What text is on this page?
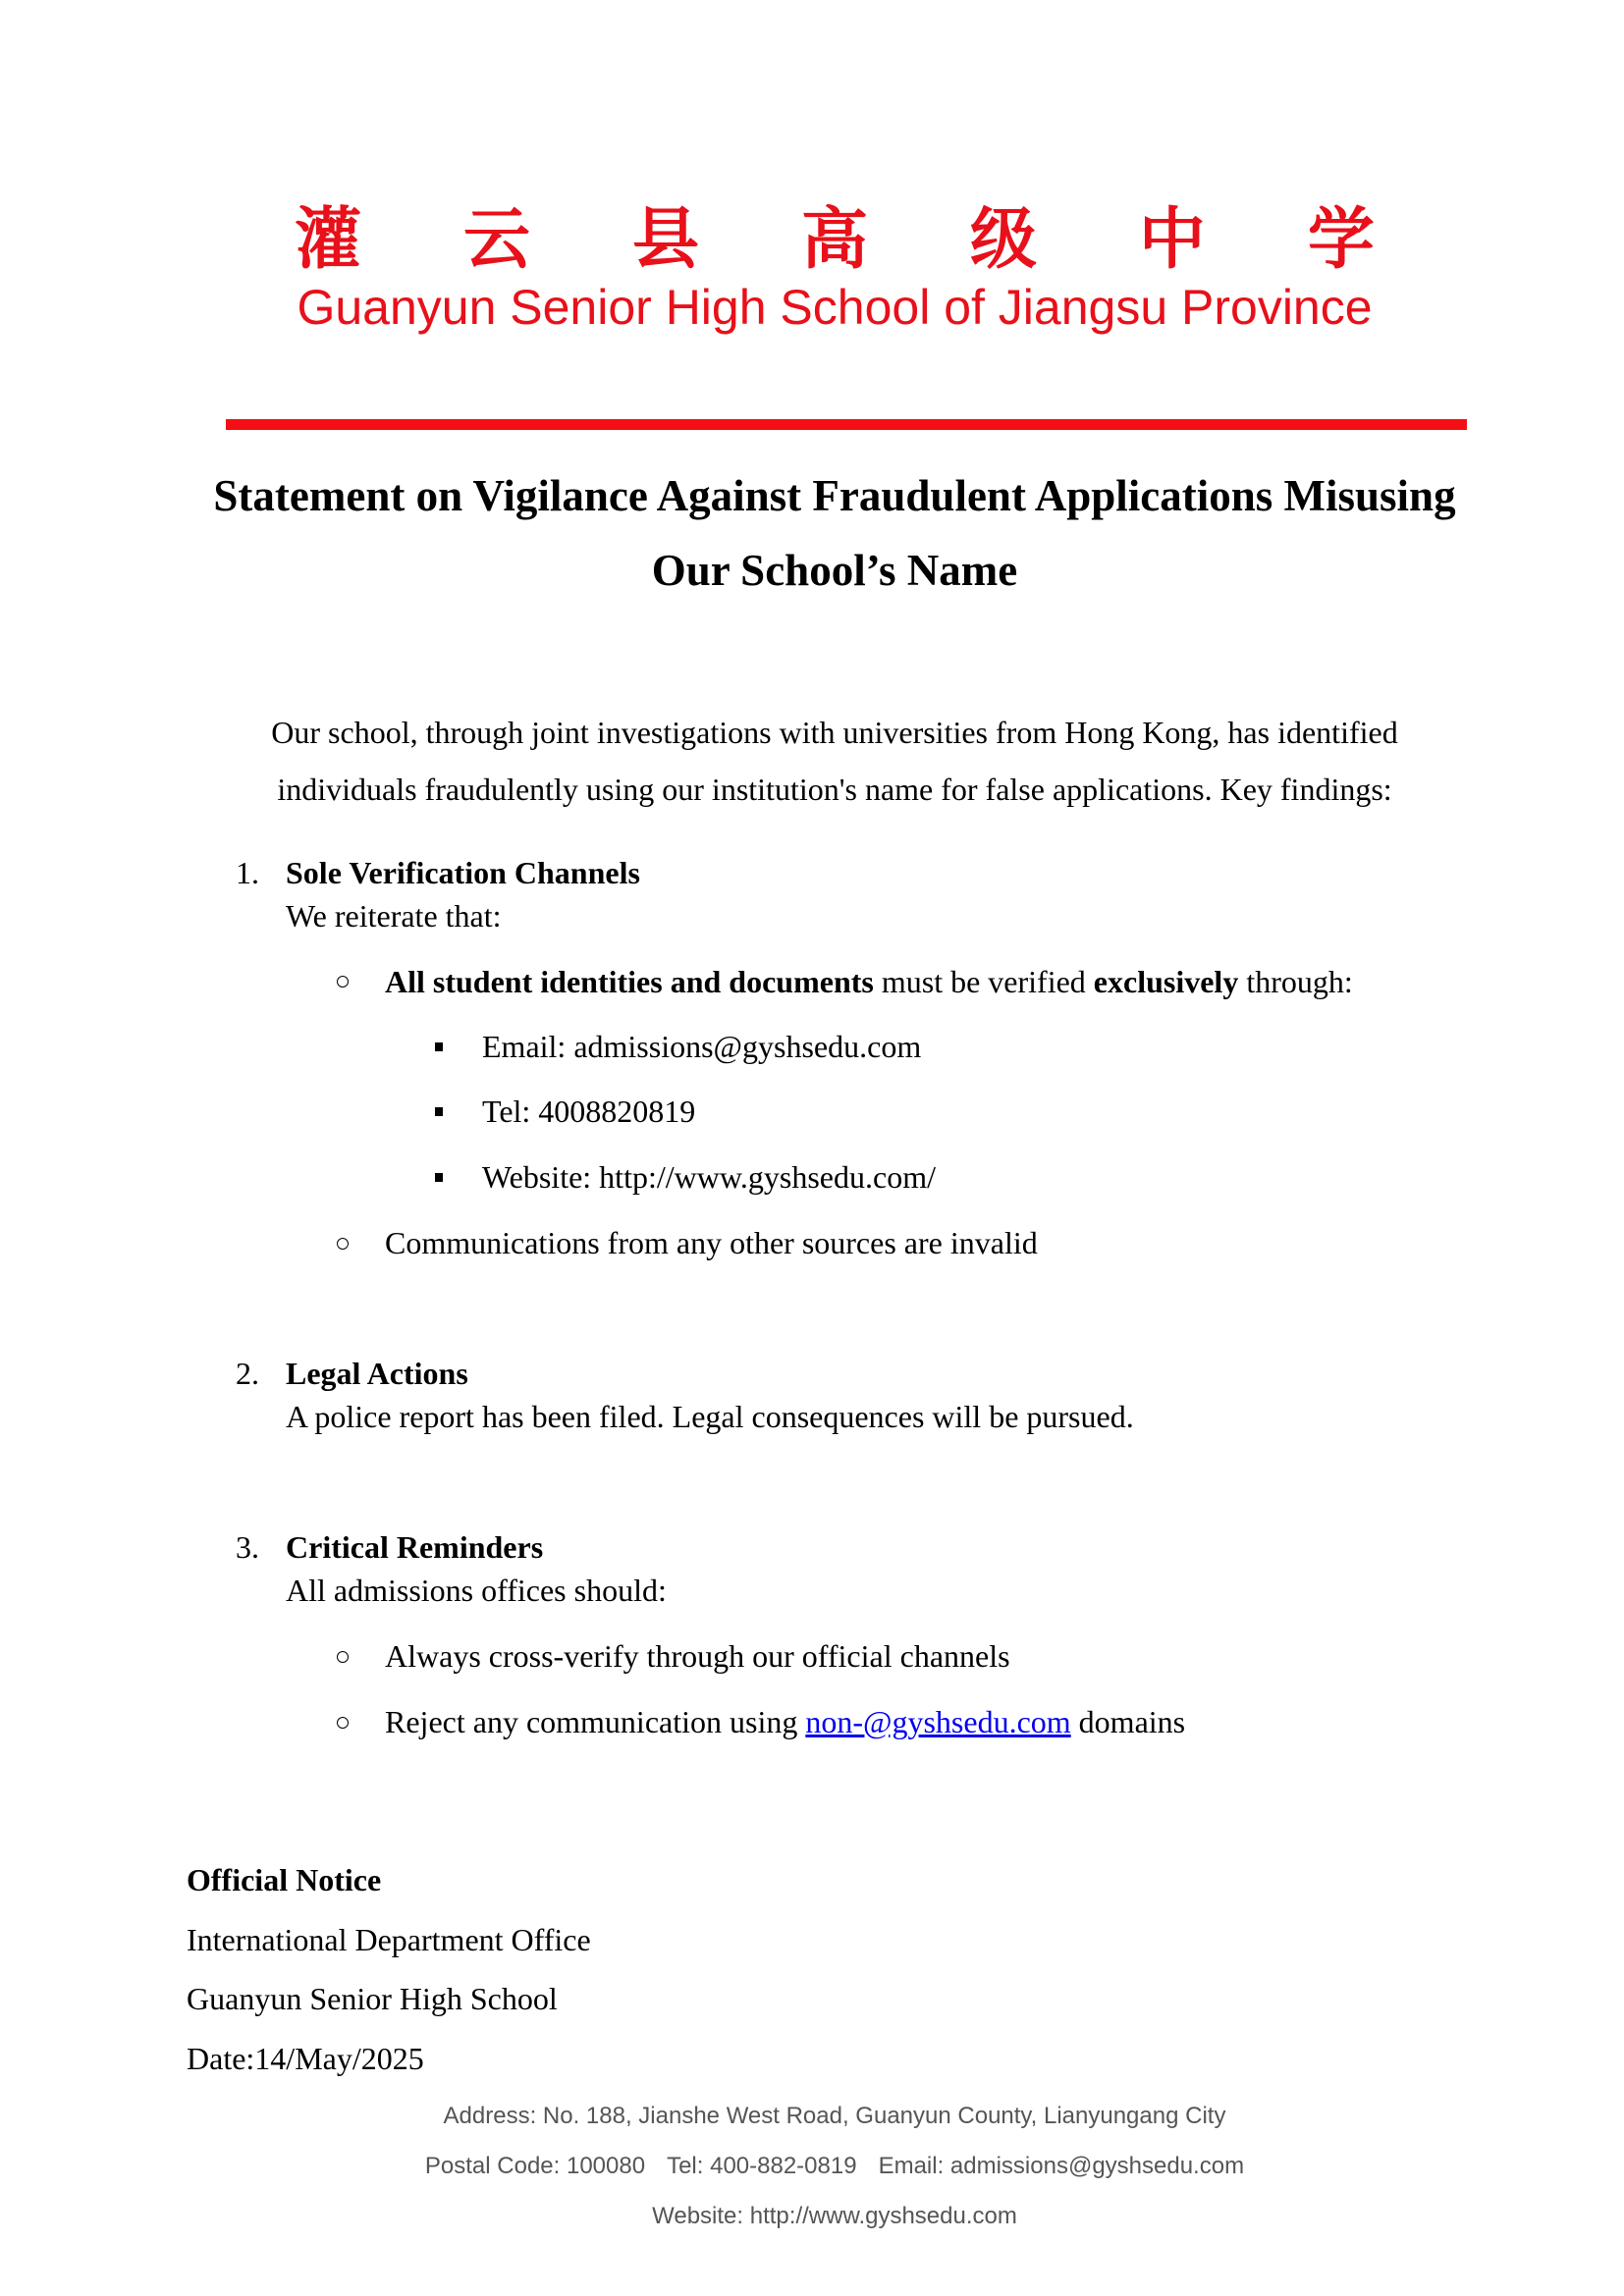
灌 云 县 高 级 中 学
Guanyun Senior High School of Jiangsu Province
Statement on Vigilance Against Fraudulent Applications Misusing
Our School’s Name
Our school, through joint investigations with universities from Hong Kong, has identified
individuals fraudulently using our institution's name for false applications. Key findings:
1. Sole Verification Channels
We reiterate that:
All student identities and documents must be verified exclusively through:
Email: admissions@gyshsedu.com
Tel: 4008820819
Website: http://www.gyshsedu.com/
Communications from any other sources are invalid
2. Legal Actions
A police report has been filed. Legal consequences will be pursued.
3. Critical Reminders
All admissions offices should:
Always cross-verify through our official channels
Reject any communication using non-@gyshsedu.com domains
Official Notice
International Department Office
Guanyun Senior High School
Date:14/May/2025
Address: No. 188, Jianshe West Road, Guanyun County, Lianyungang City
Postal Code: 100080 Tel: 400-882-0819 Email: admissions@gyshsedu.com
Website: http://www.gyshsedu.com
